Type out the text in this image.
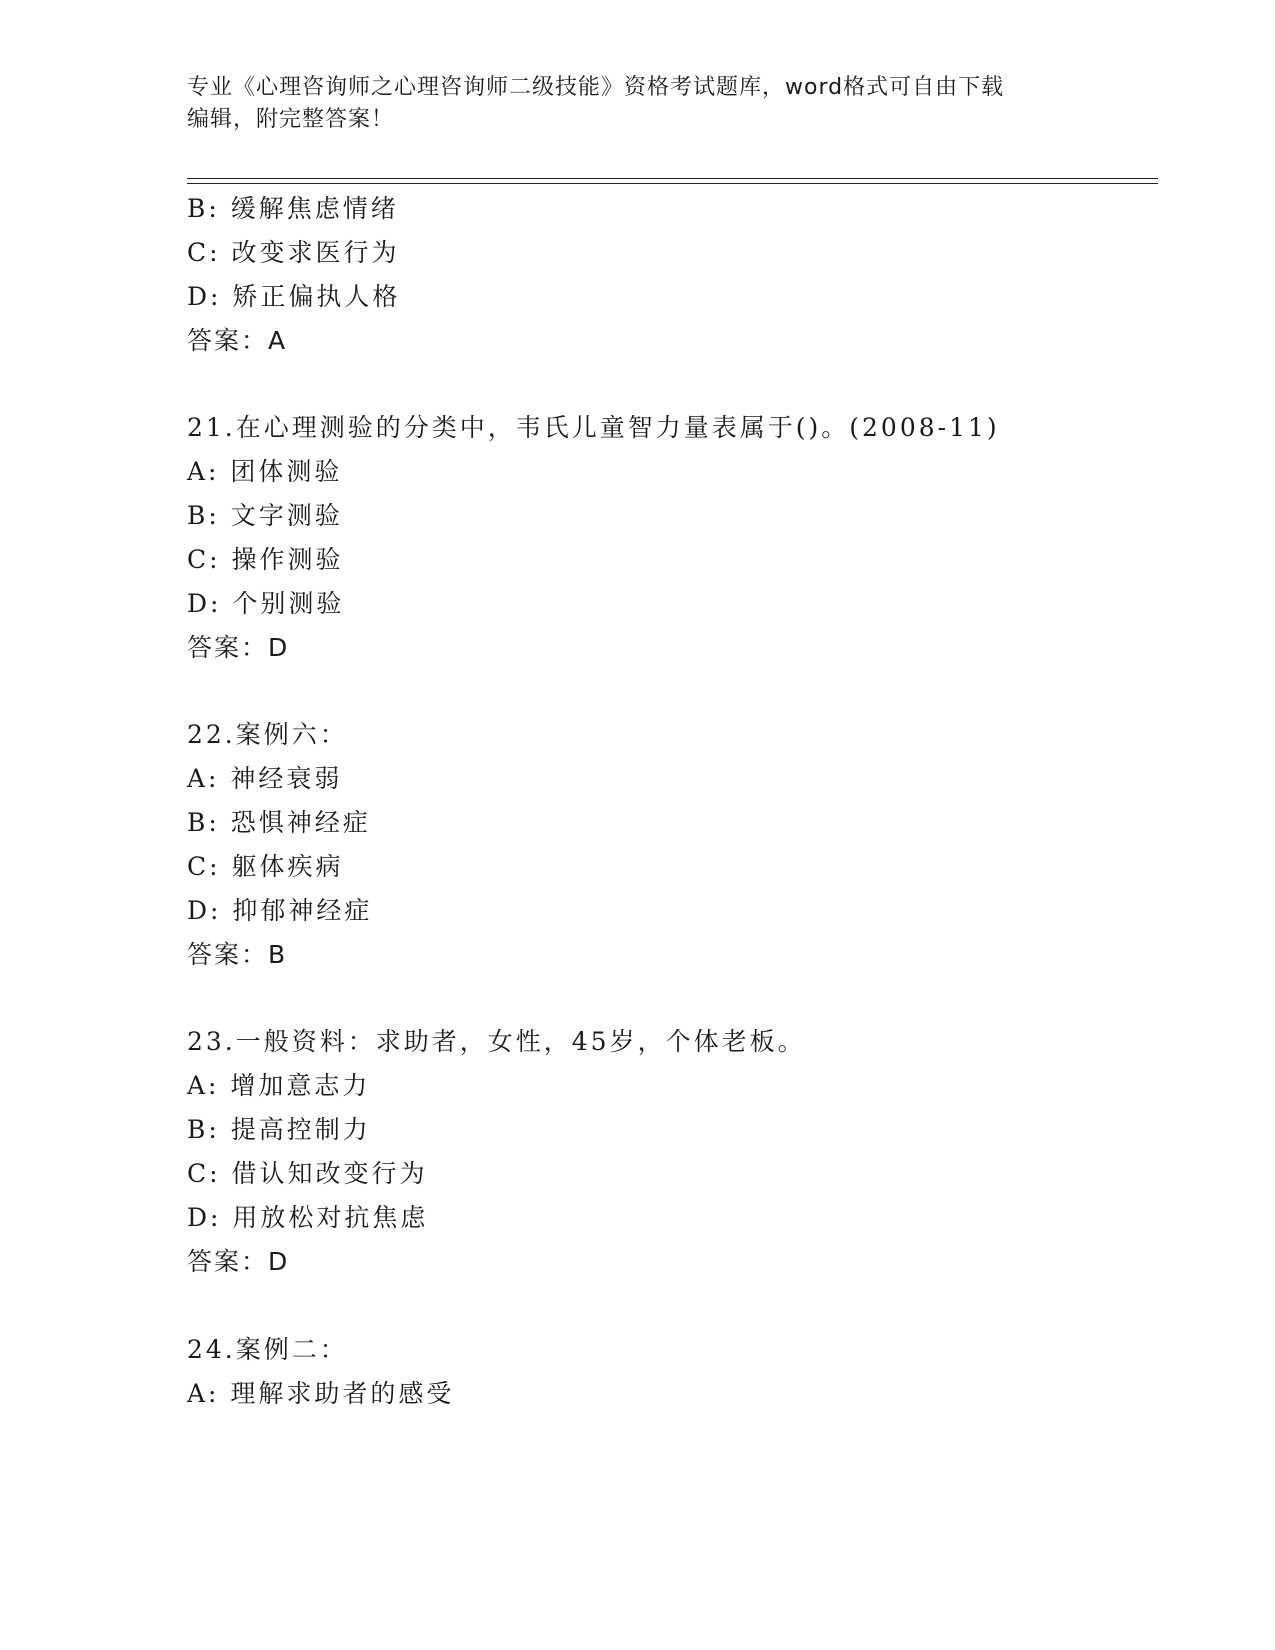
专业《心理咨询师之心理咨询师二级技能》资格考试题库，word格式可自由下载
编辑，附完整答案！
B: 缓解焦虑情绪
C: 改变求医行为
D: 矫正偏执人格
答案：A
21.在心理测验的分类中，韦氏儿童智力量表属于()。(2008-11)
A: 团体测验
B: 文字测验
C: 操作测验
D: 个别测验
答案：D
22.案例六：
A: 神经衰弱
B: 恐惧神经症
C: 躯体疾病
D: 抑郁神经症
答案：B
23.一般资料：求助者，女性，45岁，个体老板。
A: 增加意志力
B: 提高控制力
C: 借认知改变行为
D: 用放松对抗焦虑
答案：D
24.案例二：
A: 理解求助者的感受
